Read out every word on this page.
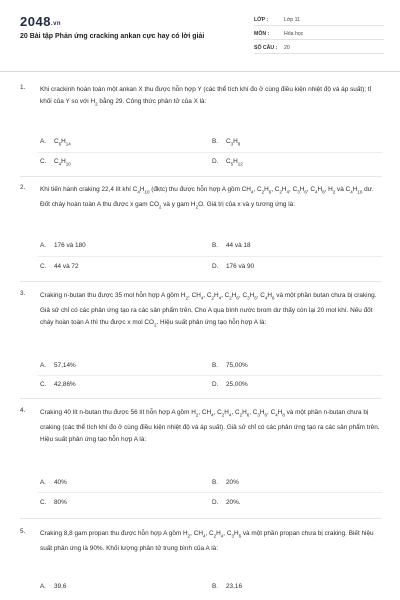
2048.vn
20 Bài tập Phản ứng cracking ankan cực hay có lời giải
LỚP :	Lớp 11
MÔN :	Hóa học
SỐ CÂU : 20
1. Khi crackinh hoàn toàn một ankan X thu được hỗn hợp Y (các thể tích khí đo ở cùng điều kiện nhiệt độ và áp suất); tỉ khối của Y so với $H_2$ bằng 29. Công thức phân tử của X là:
A. $C_6H_{14}$	B. $C_3H_8$
C. $C_4H_{10}$	D. $C_5H_{12}$
2. Khi tiến hành craking 22,4 lít khí $C_4H_{10}$ (đktc) thu được hỗn hợp A gồm $CH_4$, $C_2H_6$, $C_2H_4$, $C_3H_6$, $C_4H_8$, $H_2$ và $C_4H_{10}$ dư. Đốt cháy hoàn toàn A thu được x gam $CO_2$ và y gam $H_2O$. Giá trị của x và y tương ứng là:
A. 176 và 180	B. 44 và 18
C. 44 và 72	D. 176 và 90
3. Craking n-butan thu được 35 mol hỗn hợp A gồm $H_2$, $CH_4$, $C_2H_4$, $C_2H_6$, $C_3H_6$, $C_4H_8$ và một phần butan chưa bị craking. Giả sử chỉ có các phản ứng tạo ra các sản phẩm trên. Cho A qua bình nước brom dư thấy còn lại 20 mol khí. Nếu đốt cháy hoàn toàn A thì thu được x mol $CO_2$. Hiệu suất phản ứng tạo hỗn hợp A là:
A. 57,14%	B. 75,00%
C. 42,86%	D. 25,00%
4. Craking 40 lít n-butan thu được 56 lít hỗn hợp A gồm $H_2$, $CH_4$, $C_2H_4$, $C_2H_6$, $C_3H_6$, $C_4H_8$ và một phần n-butan chưa bị craking (các thể tích khí đo ở cùng điều kiện nhiệt độ và áp suất). Giả sử chỉ có các phản ứng tạo ra các sản phẩm trên. Hiệu suất phản ứng tạo hỗn hợp A là:
A. 40%	B. 20%
C. 80%	D. 20%.
5. Craking 8,8 gam propan thu được hỗn hợp A gồm $H_2$, $CH_4$, $C_2H_4$, $C_3H_6$ và một phần propan chưa bị craking. Biết hiệu suất phản ứng là 90%. Khối lượng phân tử trung bình của A là:
A. 39,6	B. 23,16
